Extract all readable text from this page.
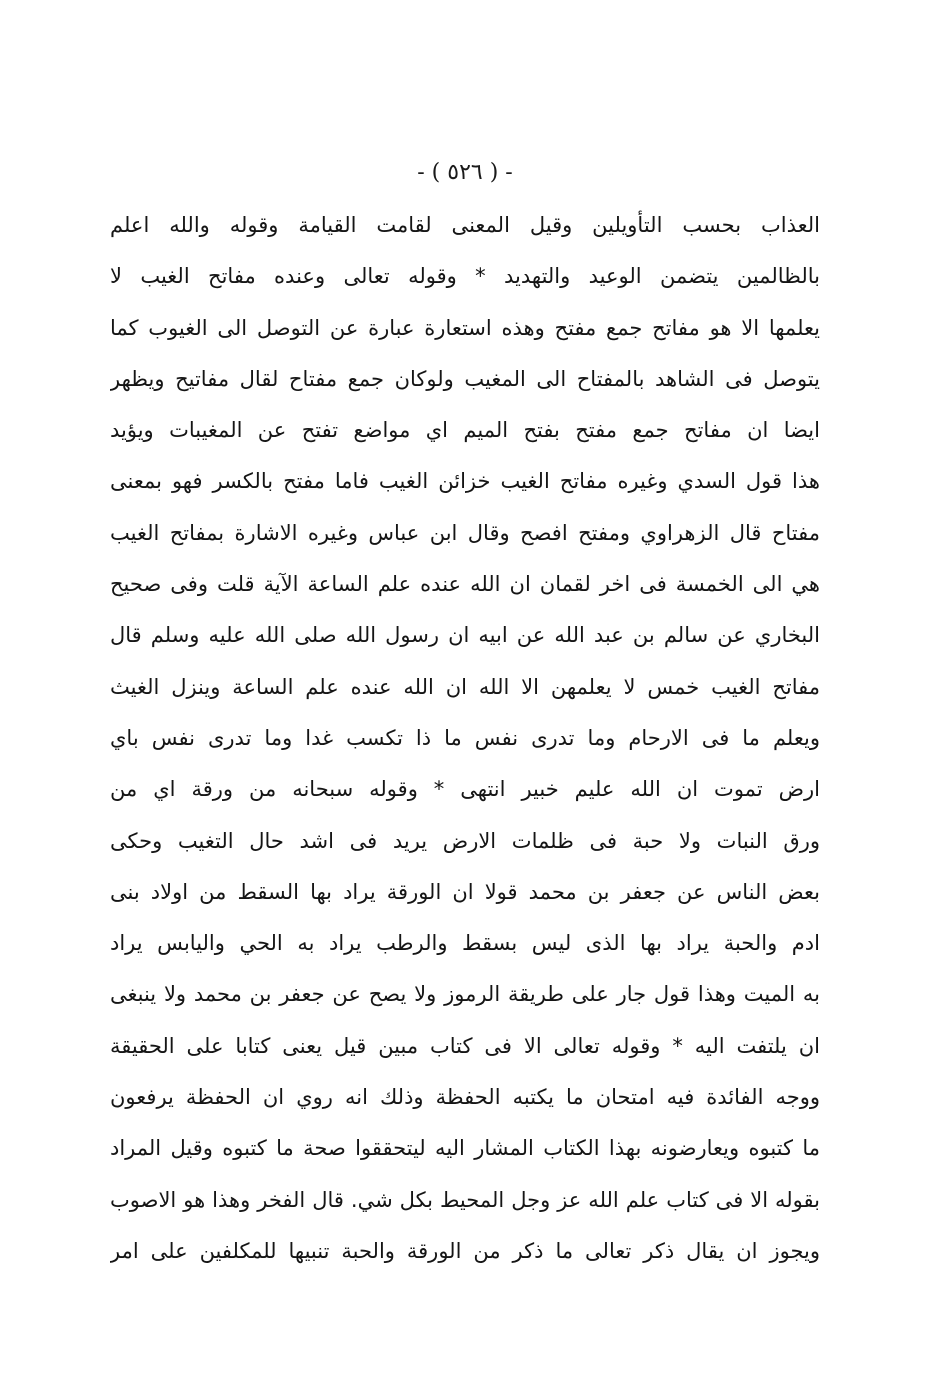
- ( ٥٢٦ ) -
العذاب بحسب التأويلين وقيل المعنى لقامت القيامة وقوله والله اعلم
بالظالمين يتضمن الوعيد والتهديد * وقوله تعالى وعنده مفاتح الغيب لا
يعلمها الا هو مفاتح جمع مفتح وهذه استعارة عبارة عن التوصل الى الغيوب كما
يتوصل فى الشاهد بالمفتاح الى المغيب ولوكان جمع مفتاح لقال مفاتيح ويظهر
ايضا ان مفاتح جمع مفتح بفتح الميم اي مواضع تفتح عن المغيبات ويؤيد
هذا قول السدي وغيره مفاتح الغيب خزائن الغيب فاما مفتح بالكسر فهو بمعنى
مفتاح قال الزهراوي ومفتح افصح وقال ابن عباس وغيره الاشارة بمفاتح الغيب
هي الى الخمسة فى اخر لقمان ان الله عنده علم الساعة الآية قلت وفى صحيح
البخاري عن سالم بن عبد الله عن ابيه ان رسول الله صلى الله عليه وسلم قال
مفاتح الغيب خمس لا يعلمهن الا الله ان الله عنده علم الساعة وينزل الغيث
ويعلم ما فى الارحام وما تدرى نفس ما ذا تكسب غدا وما تدرى نفس باي
ارض تموت ان الله عليم خبير انتهى * وقوله سبحانه من ورقة اي من
ورق النبات ولا حبة فى ظلمات الارض يريد فى اشد حال التغيب وحكى
بعض الناس عن جعفر بن محمد قولا ان الورقة يراد بها السقط من اولاد بنى
ادم والحبة يراد بها الذى ليس بسقط والرطب يراد به الحي واليابس يراد
به الميت وهذا قول جار على طريقة الرموز ولا يصح عن جعفر بن محمد ولا ينبغى
ان يلتفت اليه * وقوله تعالى الا فى كتاب مبين قيل يعنى كتابا على الحقيقة
ووجه الفائدة فيه امتحان ما يكتبه الحفظة وذلك انه روي ان الحفظة يرفعون
ما كتبوه ويعارضونه بهذا الكتاب المشار اليه ليتحققوا صحة ما كتبوه وقيل المراد
بقوله الا فى كتاب علم الله عز وجل المحيط بكل شي. قال الفخر وهذا هو الاصوب
ويجوز ان يقال ذكر تعالى ما ذكر من الورقة والحبة تنبيها للمكلفين على امر
